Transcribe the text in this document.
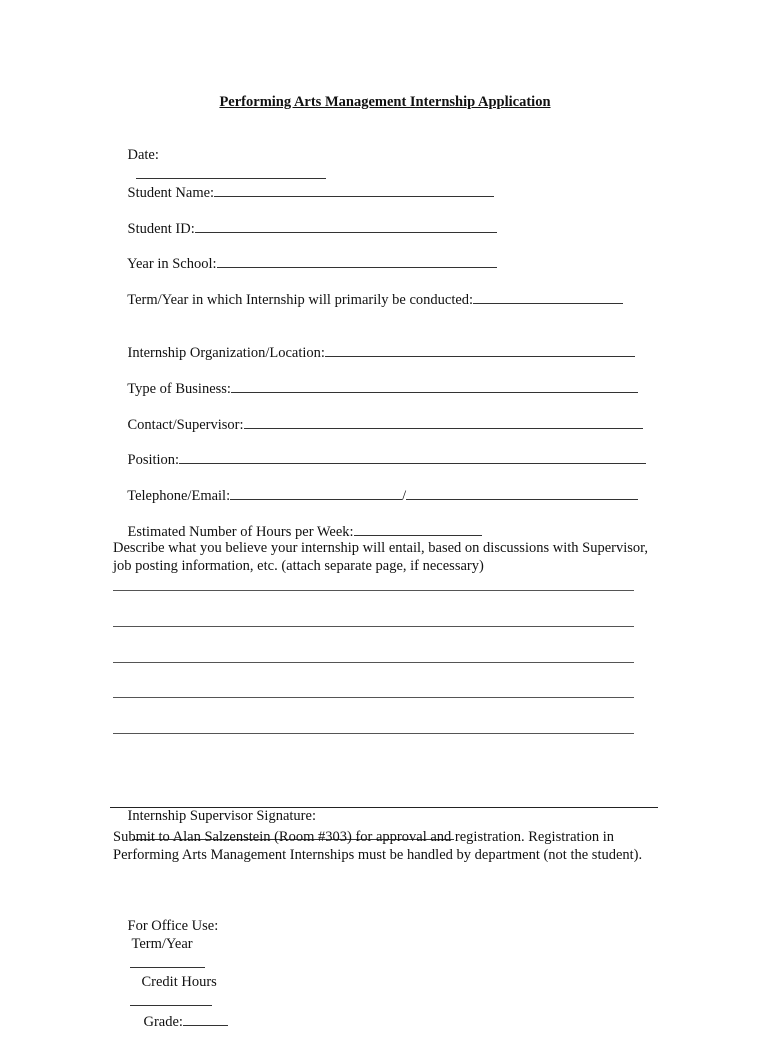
Performing Arts Management Internship Application

Date:

Student Name:

Student ID:

Year in School:

Term/Year in which Internship will primarily be conducted:

Internship Organization/Location:

Type of Business:

Contact/Supervisor:

Position:

Telephone/Email:	/

Estimated Number of Hours per Week:

Describe what you believe your internship will entail, based on discussions with Supervisor, job posting information, etc. (attach separate page, if necessary)

Internship Supervisor Signature:

Submit to Alan Salzenstein (Room #303) for approval and registration. Registration in Performing Arts Management Internships must be handled by department (not the student).

For Office Use:
Term/Year

Credit Hours

Grade:
